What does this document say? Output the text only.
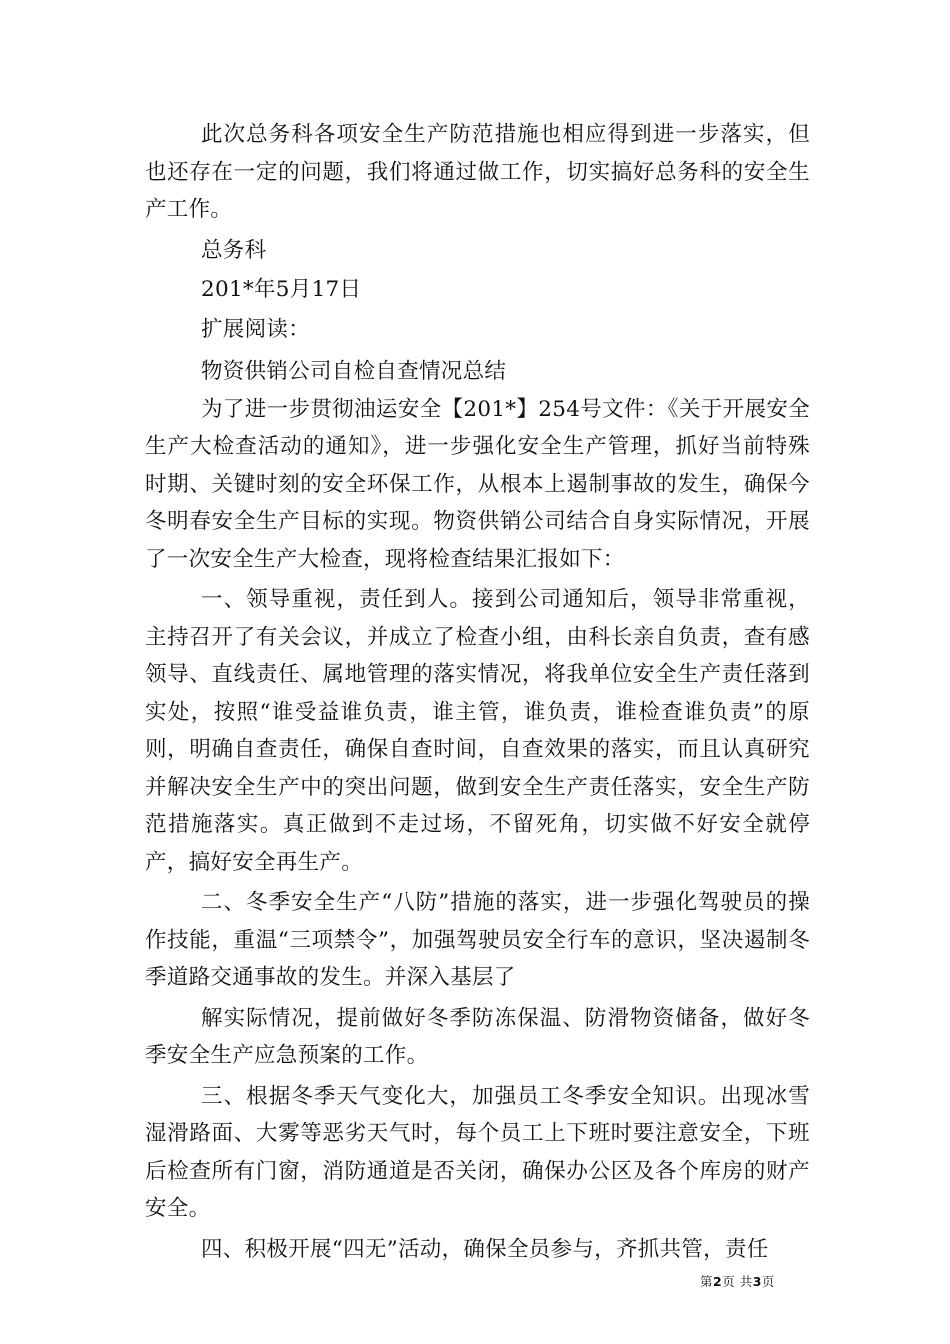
此次总务科各项安全生产防范措施也相应得到进一步落实，但也还存在一定的问题，我们将通过做工作，切实搞好总务科的安全生产工作。

总务科

201*年5月17日

扩展阅读：

物资供销公司自检自查情况总结

为了进一步贯彻油运安全【201*】254号文件：《关于开展安全生产大检查活动的通知》，进一步强化安全生产管理，抓好当前特殊时期、关键时刻的安全环保工作，从根本上遏制事故的发生，确保今冬明春安全生产目标的实现。物资供销公司结合自身实际情况，开展了一次安全生产大检查，现将检查结果汇报如下：

一、领导重视，责任到人。接到公司通知后，领导非常重视，主持召开了有关会议，并成立了检查小组，由科长亲自负责，查有感领导、直线责任、属地管理的落实情况，将我单位安全生产责任落到实处，按照“谁受益谁负责，谁主管，谁负责，谁检查谁负责”的原则，明确自查责任，确保自查时间，自查效果的落实，而且认真研究并解决安全生产中的突出问题，做到安全生产责任落实，安全生产防范措施落实。真正做到不走过场，不留死角，切实做不好安全就停产，搞好安全再生产。

二、冬季安全生产“八防”措施的落实，进一步强化驾驶员的操作技能，重温“三项禁令”，加强驾驶员安全行车的意识，坚决遏制冬季道路交通事故的发生。并深入基层了

解实际情况，提前做好冬季防冻保温、防滑物资储备，做好冬季安全生产应急预案的工作。

三、根据冬季天气变化大，加强员工冬季安全知识。出现冰雪湿滑路面、大雾等恶劣天气时，每个员工上下班时要注意安全，下班后检查所有门窗，消防通道是否关闭，确保办公区及各个库房的财产安全。

四、积极开展“四无”活动，确保全员参与，齐抓共管，责任

第2页 共3页
